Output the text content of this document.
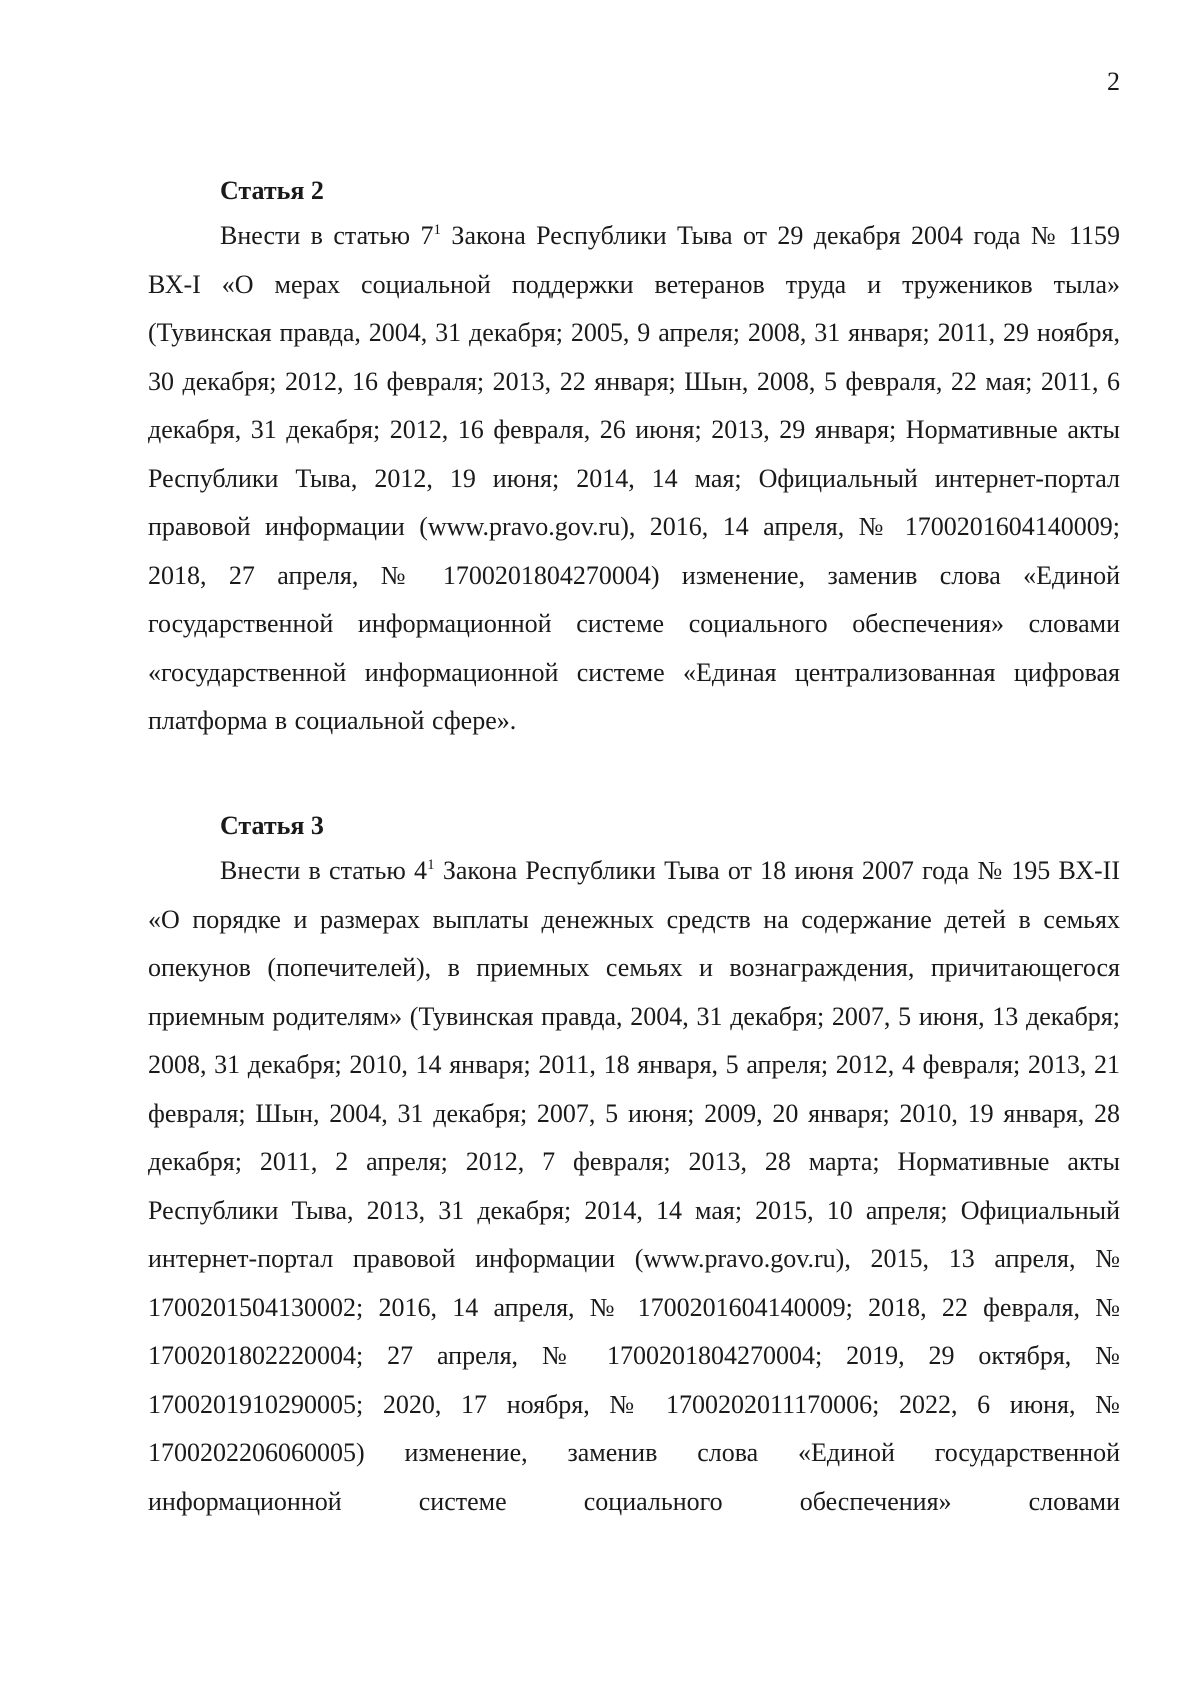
2
Статья 2

Внести в статью $7^1$ Закона Республики Тыва от 29 декабря 2004 года № 1159 ВХ-I «О мерах социальной поддержки ветеранов труда и тружеников тыла» (Тувинская правда, 2004, 31 декабря; 2005, 9 апреля; 2008, 31 января; 2011, 29 ноября, 30 декабря; 2012, 16 февраля; 2013, 22 января; Шын, 2008, 5 февраля, 22 мая; 2011, 6 декабря, 31 декабря; 2012, 16 февраля, 26 июня; 2013, 29 января; Нормативные акты Республики Тыва, 2012, 19 июня; 2014, 14 мая; Официальный интернет-портал правовой информации (www.pravo.gov.ru), 2016, 14 апреля, № 1700201604140009; 2018, 27 апреля, № 1700201804270004) изменение, заменив слова «Единой государственной информационной системе социального обеспечения» словами «государственной информационной системе «Единая централизованная цифровая платформа в социальной сфере».

Статья 3

Внести в статью $4^1$ Закона Республики Тыва от 18 июня 2007 года № 195 ВХ-II «О порядке и размерах выплаты денежных средств на содержание детей в семьях опекунов (попечителей), в приемных семьях и вознаграждения, причитающегося приемным родителям» (Тувинская правда, 2004, 31 декабря; 2007, 5 июня, 13 декабря; 2008, 31 декабря; 2010, 14 января; 2011, 18 января, 5 апреля; 2012, 4 февраля; 2013, 21 февраля; Шын, 2004, 31 декабря; 2007, 5 июня; 2009, 20 января; 2010, 19 января, 28 декабря; 2011, 2 апреля; 2012, 7 февраля; 2013, 28 марта; Нормативные акты Республики Тыва, 2013, 31 декабря; 2014, 14 мая; 2015, 10 апреля; Официальный интернет-портал правовой информации (www.pravo.gov.ru), 2015, 13 апреля, № 1700201504130002; 2016, 14 апреля, № 1700201604140009; 2018, 22 февраля, № 1700201802220004; 27 апреля, № 1700201804270004; 2019, 29 октября, № 1700201910290005; 2020, 17 ноября, № 1700202011170006; 2022, 6 июня, № 1700202206060005) изменение, заменив слова «Единой государственной информационной системе социального обеспечения» словами
